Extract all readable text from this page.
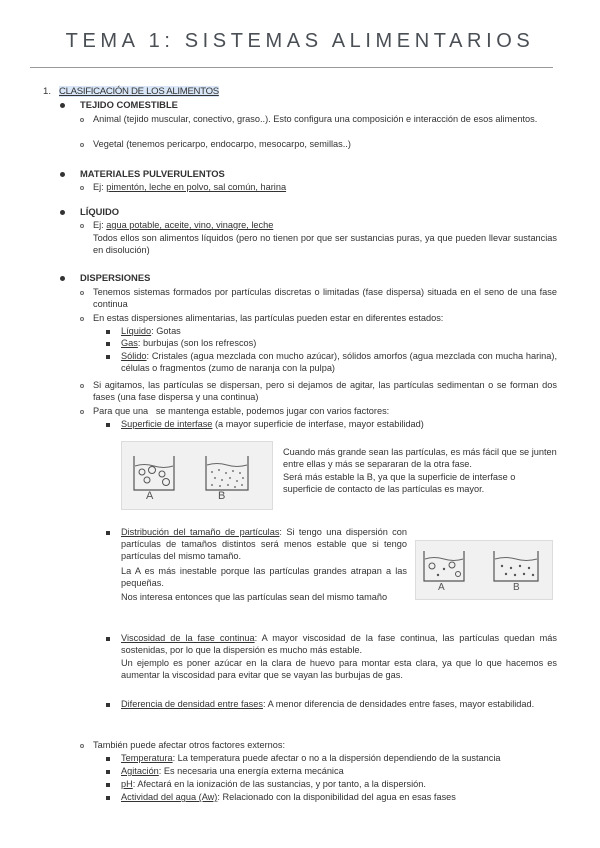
TEMA 1: SISTEMAS ALIMENTARIOS
1. CLASIFICACIÓN DE LOS ALIMENTOS
TEJIDO COMESTIBLE
Animal (tejido muscular, conectivo, graso..). Esto configura una composición e interacción de esos alimentos.
Vegetal (tenemos pericarpo, endocarpo, mesocarpo, semillas..)
MATERIALES PULVERULENTOS
Ej: pimentón, leche en polvo, sal común, harina
LÍQUIDO
Ej: agua potable, aceite, vino, vinagre, leche
Todos ellos son alimentos líquidos (pero no tienen por que ser sustancias puras, ya que pueden llevar sustancias en disolución)
DISPERSIONES
Tenemos sistemas formados por partículas discretas o limitadas (fase dispersa) situada en el seno de una fase continua
En estas dispersiones alimentarias, las partículas pueden estar en diferentes estados:
Líquido: Gotas
Gas: burbujas (son los refrescos)
Sólido: Cristales (agua mezclada con mucho azúcar), sólidos amorfos (agua mezclada con mucha harina), células o fragmentos (zumo de naranja con la pulpa)
Si agitamos, las partículas se dispersan, pero si dejamos de agitar, las partículas sedimentan o se forman dos fases (una fase dispersa y una continua)
Para que una   se mantenga estable, podemos jugar con varios factores:
Superficie de interfase (a mayor superficie de interfase, mayor estabilidad)
A	B
Cuando más grande sean las partículas, es más fácil que se junten entre ellas y más se separaran de la otra fase.
Será más estable la B, ya que la superficie de interfase o superficie de contacto de las partículas es mayor.
Distribución del tamaño de partículas: Si tengo una dispersión con partículas de tamaños distintos será menos estable que si tengo partículas del mismo tamaño.
La A es más inestable porque las partículas grandes atrapan a las pequeñas.
Nos interesa entonces que las partículas sean del mismo tamaño
A	B
Viscosidad de la fase continua: A mayor viscosidad de la fase continua, las partículas quedan más sostenidas, por lo que la dispersión es mucho más estable.
Un ejemplo es poner azúcar en la clara de huevo para montar esta clara, ya que lo que hacemos es aumentar la viscosidad para evitar que se vayan las burbujas de gas.
Diferencia de densidad entre fases: A menor diferencia de densidades entre fases, mayor estabilidad.
También puede afectar otros factores externos:
Temperatura: La temperatura puede afectar o no a la dispersión dependiendo de la sustancia
Agitación: Es necesaria una energía externa mecánica
pH: Afectará en la ionización de las sustancias, y por tanto, a la dispersión.
Actividad del agua (Aw): Relacionado con la disponibilidad del agua en esas fases
